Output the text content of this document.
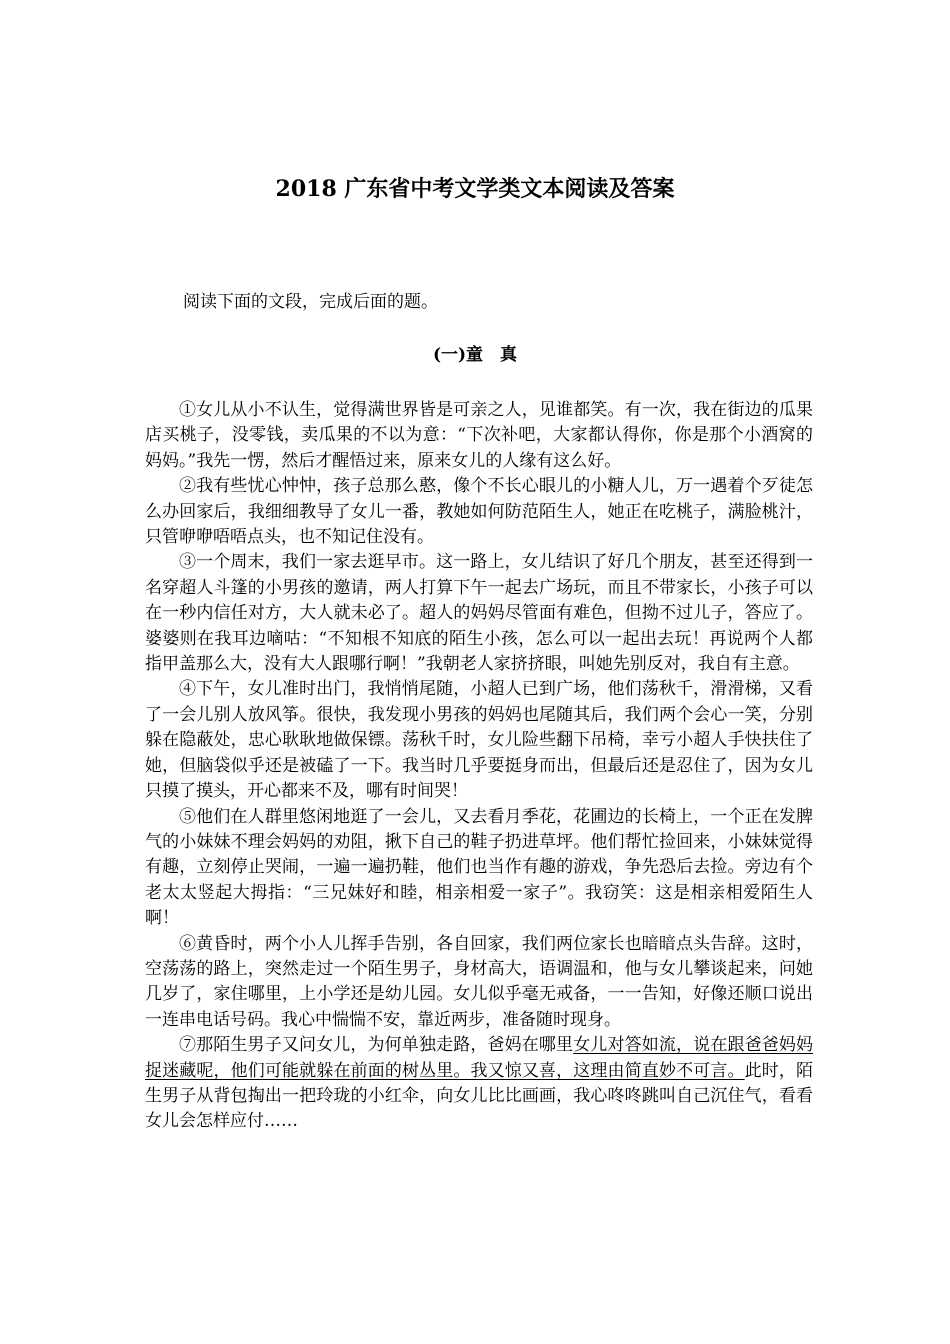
2018 广东省中考文学类文本阅读及答案

阅读下面的文段，完成后面的题。

(一)童　真

①女儿从小不认生，觉得满世界皆是可亲之人，见谁都笑。有一次，我在街边的瓜果店买桃子，没零钱，卖瓜果的不以为意：“下次补吧，大家都认得你，你是那个小酒窝的妈妈。”我先一愣，然后才醒悟过来，原来女儿的人缘有这么好。

②我有些忧心忡忡，孩子总那么憨，像个不长心眼儿的小糖人儿，万一遇着个歹徒怎么办回家后，我细细教导了女儿一番，教她如何防范陌生人，她正在吃桃子，满脸桃汁，只管咿咿唔唔点头，也不知记住没有。

③一个周末，我们一家去逛早市。这一路上，女儿结识了好几个朋友，甚至还得到一名穿超人斗篷的小男孩的邀请，两人打算下午一起去广场玩，而且不带家长，小孩子可以在一秒内信任对方，大人就未必了。超人的妈妈尽管面有难色，但拗不过儿子，答应了。婆婆则在我耳边嘀咕：“不知根不知底的陌生小孩，怎么可以一起出去玩！再说两个人都指甲盖那么大，没有大人跟哪行啊！”我朝老人家挤挤眼，叫她先别反对，我自有主意。

④下午，女儿准时出门，我悄悄尾随，小超人已到广场，他们荡秋千，滑滑梯，又看了一会儿别人放风筝。很快，我发现小男孩的妈妈也尾随其后，我们两个会心一笑，分别躲在隐蔽处，忠心耿耿地做保镖。荡秋千时，女儿险些翻下吊椅，幸亏小超人手快扶住了她，但脑袋似乎还是被磕了一下。我当时几乎要挺身而出，但最后还是忍住了，因为女儿只摸了摸头，开心都来不及，哪有时间哭！

⑤他们在人群里悠闲地逛了一会儿，又去看月季花，花圃边的长椅上，一个正在发脾气的小妹妹不理会妈妈的劝阻，揪下自己的鞋子扔进草坪。他们帮忙捡回来，小妹妹觉得有趣，立刻停止哭闹，一遍一遍扔鞋，他们也当作有趣的游戏，争先恐后去捡。旁边有个老太太竖起大拇指：“三兄妹好和睦，相亲相爱一家子”。我窃笑：这是相亲相爱陌生人啊！

⑥黄昏时，两个小人儿挥手告别，各自回家，我们两位家长也暗暗点头告辞。这时，空荡荡的路上，突然走过一个陌生男子，身材高大，语调温和，他与女儿攀谈起来，问她几岁了，家住哪里，上小学还是幼儿园。女儿似乎毫无戒备，一一告知，好像还顺口说出一连串电话号码。我心中惴惴不安，靠近两步，准备随时现身。

⑦那陌生男子又问女儿，为何单独走路，爸妈在哪里女儿对答如流，说在跟爸爸妈妈捉迷藏呢，他们可能就躲在前面的树丛里。我又惊又喜，这理由简直妙不可言。此时，陌生男子从背包掏出一把玲珑的小红伞，向女儿比比画画，我心咚咚跳叫自己沉住气，看看女儿会怎样应付……
